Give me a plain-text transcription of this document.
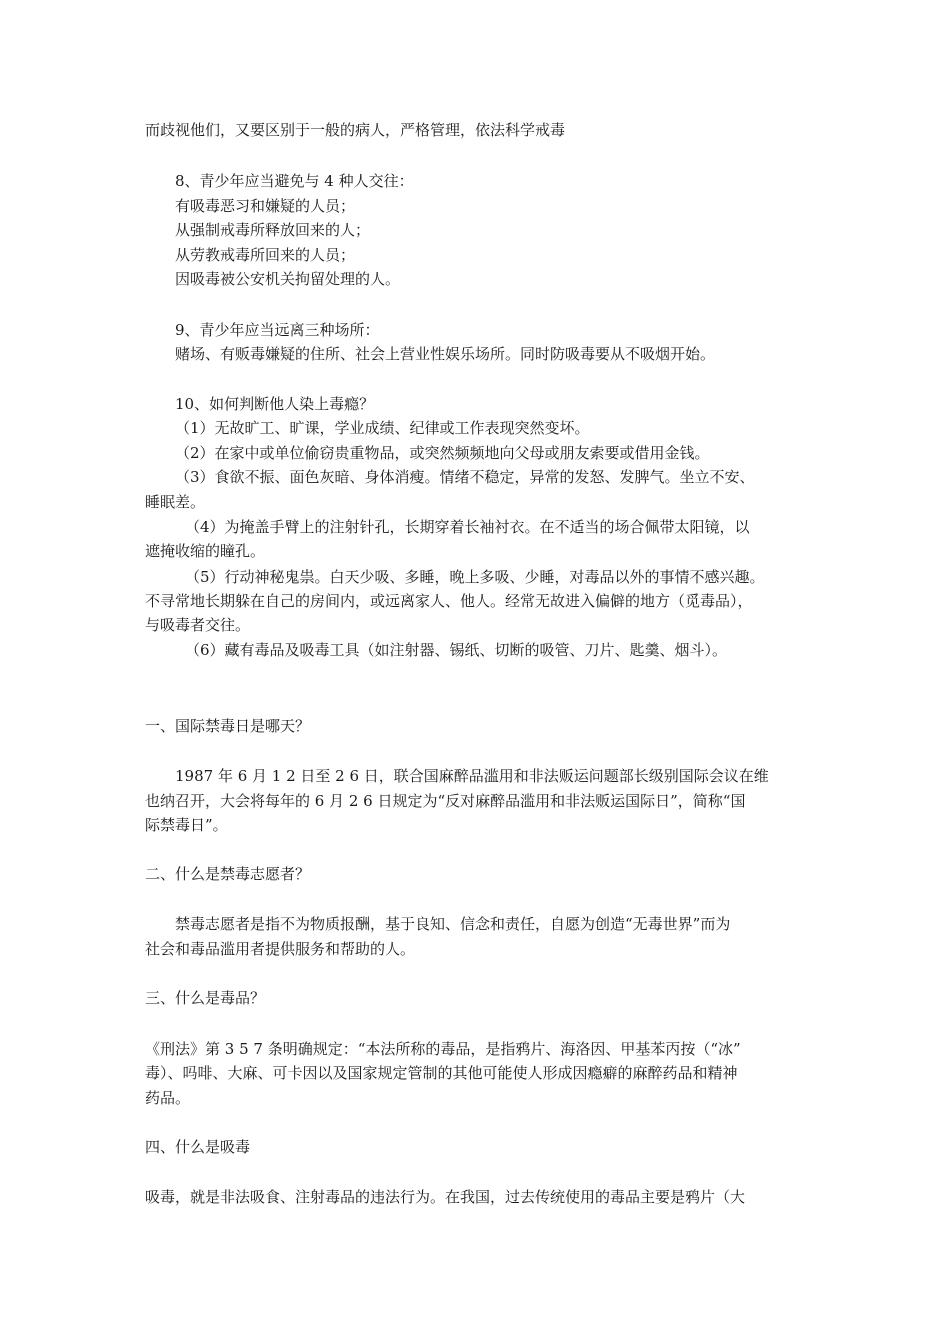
而歧视他们，又要区别于一般的病人，严格管理，依法科学戒毒
8、青少年应当避免与 4 种人交往：
有吸毒恶习和嫌疑的人员；
从强制戒毒所释放回来的人；
从劳教戒毒所回来的人员；
因吸毒被公安机关拘留处理的人。
9、青少年应当远离三种场所：
赌场、有贩毒嫌疑的住所、社会上营业性娱乐场所。同时防吸毒要从不吸烟开始。
10、如何判断他人染上毒瘾？
（1）无故旷工、旷课，学业成绩、纪律或工作表现突然变坏。
（2）在家中或单位偷窃贵重物品，或突然频频地向父母或朋友索要或借用金钱。
（3）食欲不振、面色灰暗、身体消瘦。情绪不稳定，异常的发怒、发脾气。坐立不安、
睡眠差。
（4）为掩盖手臂上的注射针孔，长期穿着长袖衬衣。在不适当的场合佩带太阳镜，以
遮掩收缩的瞳孔。
（5）行动神秘鬼祟。白天少吸、多睡，晚上多吸、少睡，对毒品以外的事情不感兴趣。
不寻常地长期躲在自己的房间内，或远离家人、他人。经常无故进入偏僻的地方（觅毒品），
与吸毒者交往。
（6）藏有毒品及吸毒工具（如注射器、锡纸、切断的吸管、刀片、匙羹、烟斗）。
一、国际禁毒日是哪天？
1987 年 6 月 1 2 日至 2 6 日，联合国麻醉品滥用和非法贩运问题部长级别国际会议在维
也纳召开，大会将每年的 6 月 2 6 日规定为“反对麻醉品滥用和非法贩运国际日”，简称“国
际禁毒日”。
二、什么是禁毒志愿者？
禁毒志愿者是指不为物质报酬，基于良知、信念和责任，自愿为创造“无毒世界”而为
社会和毒品滥用者提供服务和帮助的人。
三、什么是毒品？
《刑法》第 3 5 7 条明确规定：“本法所称的毒品，是指鸦片、海洛因、甲基苯丙按（“冰”
毒）、吗啡、大麻、可卡因以及国家规定管制的其他可能使人形成因瘾癖的麻醉药品和精神
药品。
四、什么是吸毒
吸毒，就是非法吸食、注射毒品的违法行为。在我国，过去传统使用的毒品主要是鸦片（大
